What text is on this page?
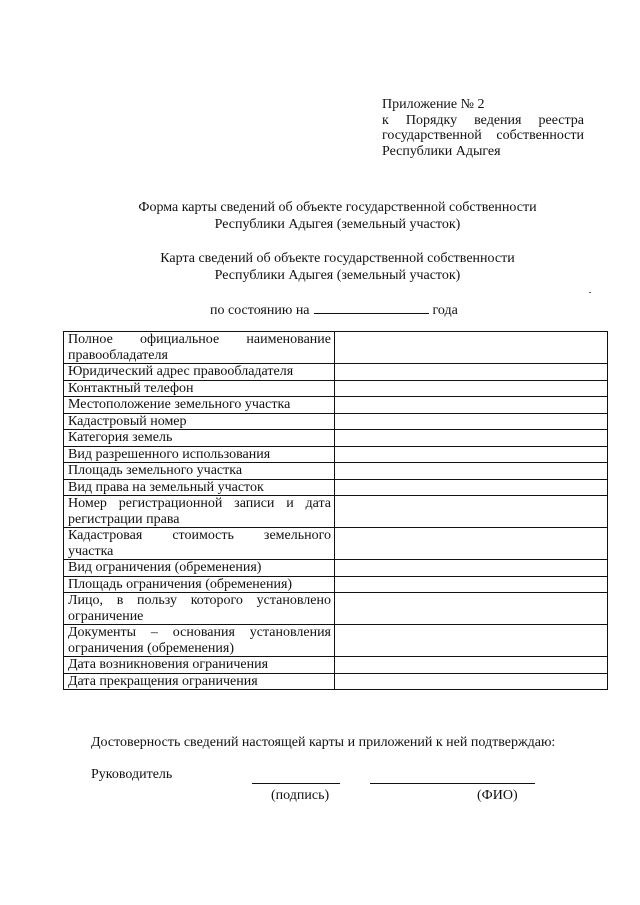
Приложение № 2
к Порядку ведения реестра
государственной собственности
Республики Адыгея
Форма карты сведений об объекте государственной собственности
Республики Адыгея (земельный участок)
Карта сведений об объекте государственной собственности
Республики Адыгея (земельный участок)
по состоянию на	года
Полное официальное наименование
правообладателя	

Юридический адрес правообладателя	

Контактный телефон	

Местоположение земельного участка	

Кадастровый номер	

Категория земель	

Вид разрешенного использования	

Площадь земельного участка	

Вид права на земельный участок	

Номер регистрационной записи и дата
регистрации права	

Кадастровая стоимость земельного
участка	

Вид ограничения (обременения)	

Площадь ограничения (обременения)	

Лицо, в пользу которого установлено
ограничение	

Документы – основания установления
ограничения (обременения)	

Дата возникновения ограничения	

Дата прекращения ограничения	

Достоверность сведений настоящей карты и приложений к ней подтверждаю:
Руководитель
(подпись)	(ФИО)
